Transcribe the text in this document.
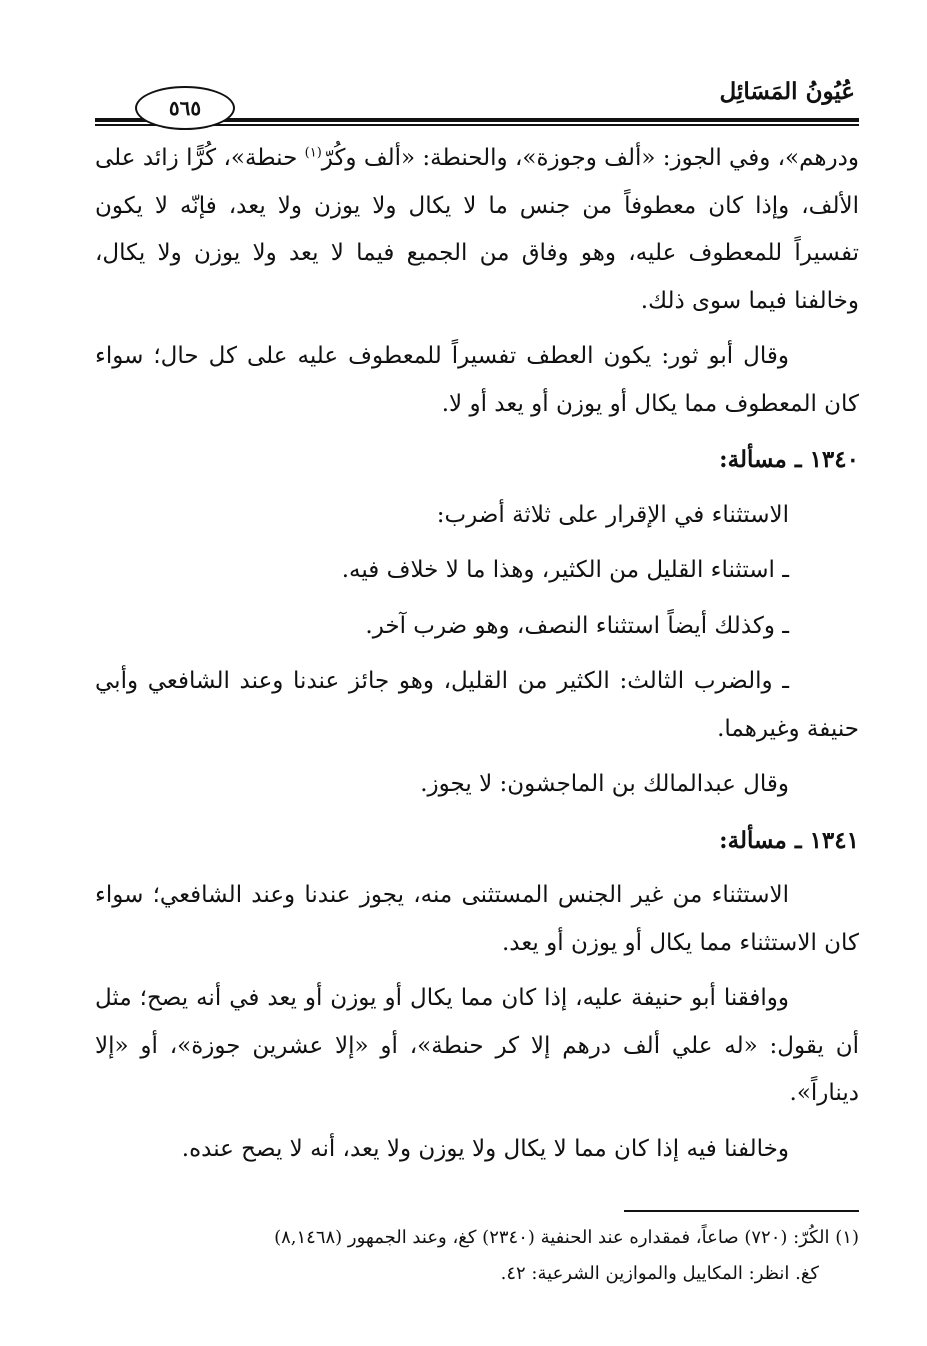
عُيُونُ المَسَائِل
٥٦٥

ودرهم»، وفي الجوز: «ألف وجوزة»، والحنطة: «ألف وكُرّ$^{(١)}$ حنطة»، كُرًّا زائد على الألف، وإذا كان معطوفاً من جنس ما لا يكال ولا يوزن ولا يعد، فإنّه لا يكون تفسيراً للمعطوف عليه، وهو وفاق من الجميع فيما لا يعد ولا يوزن ولا يكال، وخالفنا فيما سوى ذلك.

وقال أبو ثور: يكون العطف تفسيراً للمعطوف عليه على كل حال؛ سواء كان المعطوف مما يكال أو يوزن أو يعد أو لا.

١٣٤٠ ـ مسألة:

الاستثناء في الإقرار على ثلاثة أضرب:

ـ استثناء القليل من الكثير، وهذا ما لا خلاف فيه.

ـ وكذلك أيضاً استثناء النصف، وهو ضرب آخر.

ـ والضرب الثالث: الكثير من القليل، وهو جائز عندنا وعند الشافعي وأبي حنيفة وغيرهما.

وقال عبدالمالك بن الماجشون: لا يجوز.

١٣٤١ ـ مسألة:

الاستثناء من غير الجنس المستثنى منه، يجوز عندنا وعند الشافعي؛ سواء كان الاستثناء مما يكال أو يوزن أو يعد.

ووافقنا أبو حنيفة عليه، إذا كان مما يكال أو يوزن أو يعد في أنه يصح؛ مثل أن يقول: «له علي ألف درهم إلا كر حنطة»، أو «إلا عشرين جوزة»، أو «إلا ديناراً».

وخالفنا فيه إذا كان مما لا يكال ولا يوزن ولا يعد، أنه لا يصح عنده.

(١) الكُرّ: (٧٢٠) صاعاً، فمقداره عند الحنفية (٢٣٤٠) كغ، وعند الجمهور (٨,١٤٦٨)

كغ. انظر: المكاييل والموازين الشرعية: ٤٢.
